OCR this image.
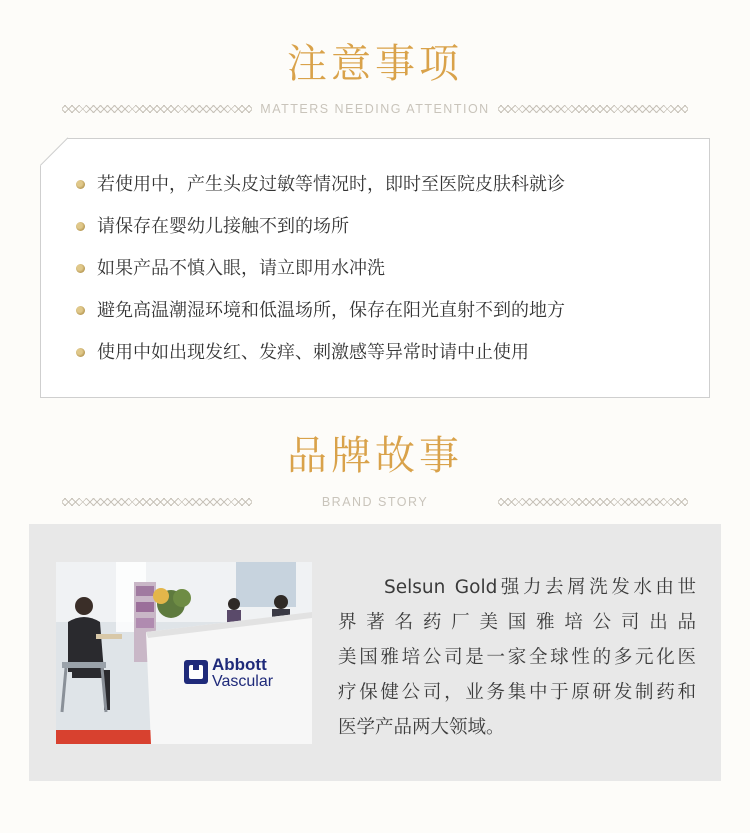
注意事项
MATTERS NEEDING ATTENTION
若使用中，产生头皮过敏等情况时，即时至医院皮肤科就诊
请保存在婴幼儿接触不到的场所
如果产品不慎入眼，请立即用水冲洗
避免高温潮湿环境和低温场所，保存在阳光直射不到的地方
使用中如出现发红、发痒、刺激感等异常时请中止使用
品牌故事
BRAND STORY
Abbott
Vascular

Selsun Gold强力去屑洗发水由世

界著名药厂美国雅培公司出品

美国雅培公司是一家全球性的多元化医

疗保健公司，业务集中于原研发制药和

医学产品两大领域。
